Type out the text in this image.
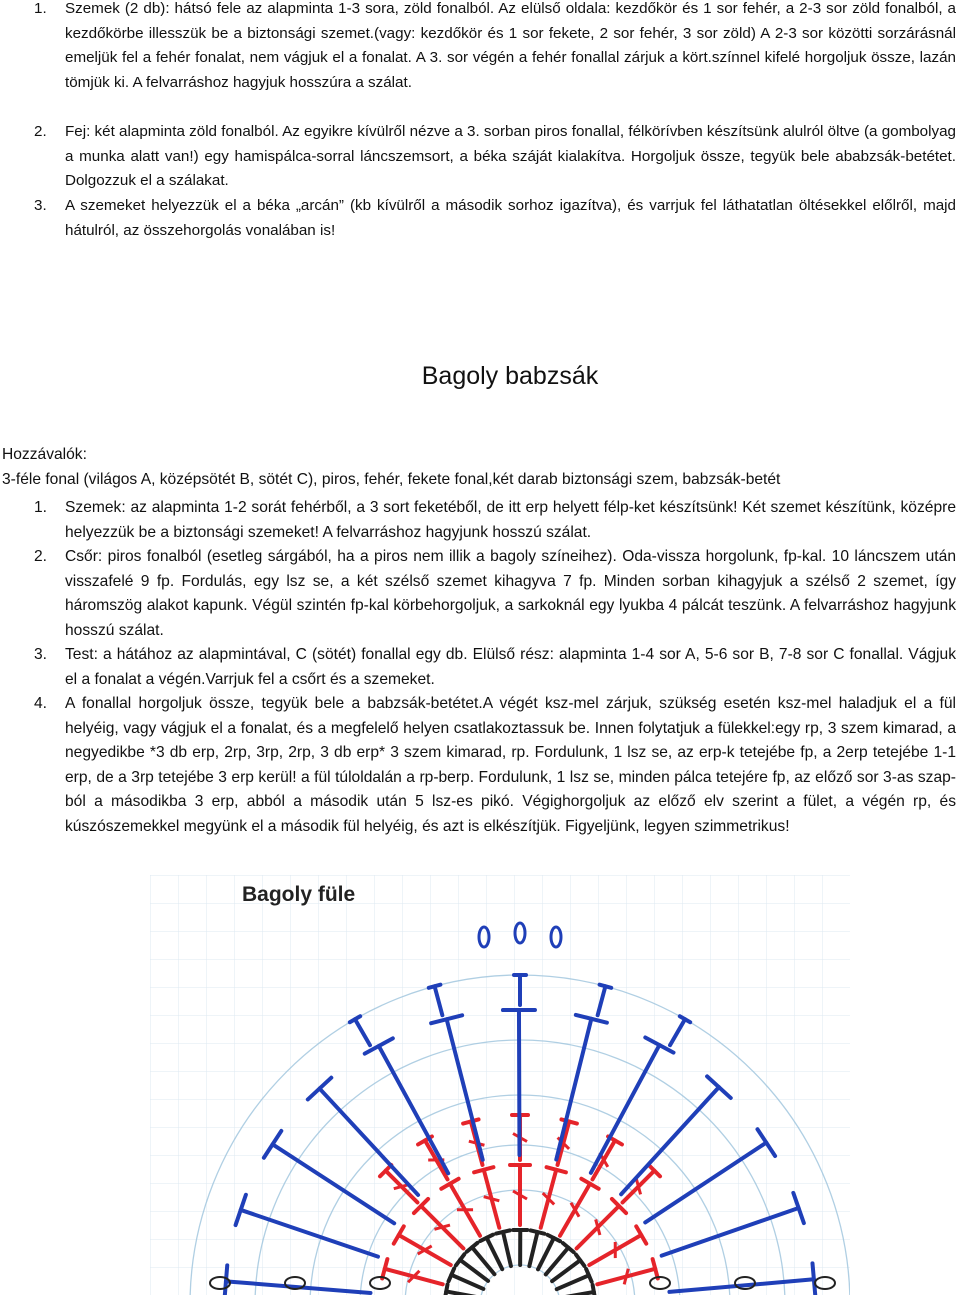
1. Szemek (2 db): hátsó fele az alapminta 1-3 sora, zöld fonalból. Az elülső oldala: kezdőkör és 1 sor fehér, a 2-3 sor zöld fonalból, a kezdőkörbe illesszük be a biztonsági szemet.(vagy: kezdőkör és 1 sor fekete, 2 sor fehér, 3 sor zöld) A 2-3 sor közötti sorzárásnál emeljük fel a fehér fonalat, nem vágjuk el a fonalat. A 3. sor végén a fehér fonallal zárjuk a kört.színnel kifelé horgoljuk össze, lazán tömjük ki. A felvarráshoz hagyjuk hosszúra a szálat.
2. Fej: két alapminta zöld fonalból. Az egyikre kívülről nézve a 3. sorban piros fonallal, félkörívben készítsünk alulról öltve (a gombolyag a munka alatt van!) egy hamispálca-sorral láncszemsort, a béka száját kialakítva. Horgoljuk össze, tegyük bele ababzsák-betétet. Dolgozzuk el a szálakat.
3. A szemeket helyezzük el a béka „arcán” (kb kívülről a második sorhoz igazítva), és varrjuk fel láthatatlan öltésekkel előlről, majd hátulról, az összehorgolás vonalában is!
Bagoly babzsák
Hozzávalók:
3-féle fonal (világos A, középsötét B, sötét C), piros, fehér, fekete fonal,két darab biztonsági szem, babzsák-betét
1. Szemek: az alapminta 1-2 sorát fehérből, a 3 sort feketéből, de itt erp helyett félp-ket készítsünk! Két szemet készítünk, középre helyezzük be a biztonsági szemeket! A felvarráshoz hagyjunk hosszú szálat.
2. Csőr: piros fonalból (esetleg sárgából, ha a piros nem illik a bagoly színeihez). Oda-vissza horgolunk, fp-kal. 10 láncszem után visszafelé 9 fp. Fordulás, egy lsz se, a két szélső szemet kihagyva 7 fp. Minden sorban kihagyjuk a szélső 2 szemet, így háromszög alakot kapunk. Végül szintén fp-kal körbehorgoljuk, a sarkoknál egy lyukba 4 pálcát teszünk. A felvarráshoz hagyjunk hosszú szálat.
3. Test: a hátához az alapmintával, C (sötét) fonallal egy db. Elülső rész: alapminta 1-4 sor A, 5-6 sor B, 7-8 sor C fonallal. Vágjuk el a fonalat a végén.Varrjuk fel a csőrt és a szemeket.
4. A fonallal horgoljuk össze, tegyük bele a babzsák-betétet.A végét ksz-mel zárjuk, szükség esetén ksz-mel haladjuk el a fül helyéig, vagy vágjuk el a fonalat, és a megfelelő helyen csatlakoztassuk be. Innen folytatjuk a fülekkel:egy rp, 3 szem kimarad, a negyedikbe *3 db erp, 2rp, 3rp, 2rp, 3 db erp* 3 szem kimarad, rp. Fordulunk, 1 lsz se, az erp-k tetejébe fp, a 2erp tetejébe 1-1 erp, de a 3rp tetejébe 3 erp kerül! a fül túloldalán a rp-berp. Fordulunk, 1 lsz se, minden pálca tetejére fp, az előző sor 3-as szap-ból a másodikba 3 erp, abból a második után 5 lsz-es pikó. Végighorgoljuk az előző elv szerint a fület, a végén rp, és kúszószemekkel megyünk el a második fül helyéig, és azt is elkészítjük. Figyeljünk, legyen szimmetrikus!
Bagoly füle
